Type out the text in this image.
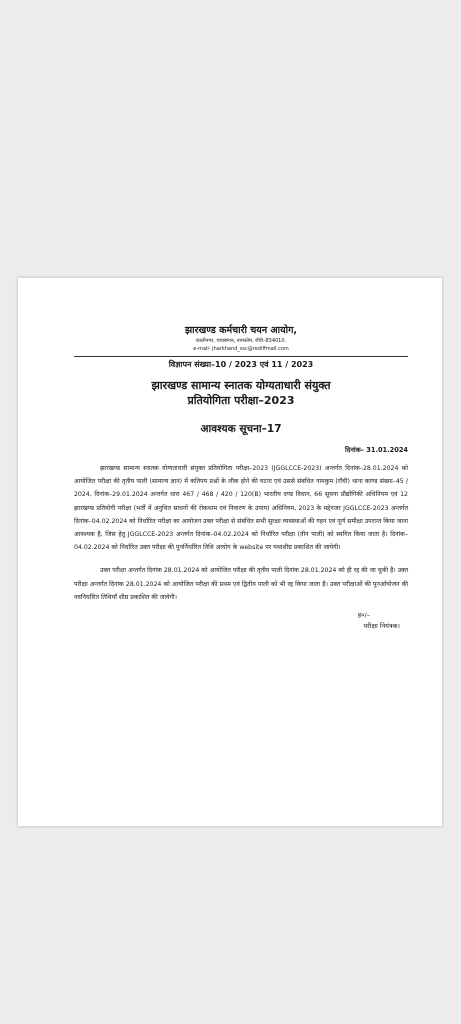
झारखण्ड कर्मचारी चयन आयोग,

कालीनगर, चायबगान, नामकोम, राँची–834010.

e-mail- jharkhand_ssc@rediffmail.com

विज्ञापन संख्या–10 / 2023 एवं 11 / 2023

झारखण्ड सामान्य स्नातक योग्यताधारी संयुक्त

प्रतियोगिता परीक्षा–2023

आवश्यक सूचना–17

दिनांक– 31.01.2024

झारखण्ड सामान्य स्नातक योग्यताधारी संयुक्त प्रतियोगिता परीक्षा–2023 (JGGLCCE-2023) अन्तर्गत दिनांक–28.01.2024 को आयोजित परीक्षा की तृतीय पाली (सामान्य ज्ञान) में कतिपय प्रश्नों के लीक होने की घटना एवं उससे संबंधित नामकुम (राँची) थाना काण्ड संख्या–45 / 2024, दिनांक–29.01.2024 अन्तर्गत धारा 467 / 468 / 420 / 120(B) भारतीय दण्ड विधान, 66 सूचना प्रौद्योगिकी अधिनियम एवं 12 झारखण्ड प्रतियोगी परीक्षा (भर्ती में अनुचित साधनों की रोकथाम एवं निवारण के उपाय) अधिनियम, 2023 के मद्देनजर JGGLCCE-2023 अन्तर्गत दिनांक–04.02.2024 को निर्धारित परीक्षा का आयोजन उक्त परीक्षा से संबंधित सभी सुरक्षा व्यवस्थाओं की गहन एवं पूर्ण समीक्षा उपरान्त किया जाना आवश्यक है, जिस हेतु JGGLCCE-2023 अन्तर्गत दिनांक–04.02.2024 को निर्धारित परीक्षा (तीन पाली) को स्थगित किया जाता है। दिनांक–04.02.2024 को निर्धारित उक्त परीक्षा की पुनर्निर्धारित तिथि आयोग के website पर यथाशीघ्र प्रकाशित की जायेगी।

उक्त परीक्षा अन्तर्गत दिनांक 28.01.2024 को आयोजित परीक्षा की तृतीय पाली दिनांक 28.01.2024 को ही रद्द की जा चुकी है। उक्त परीक्षा अन्तर्गत दिनांक 28.01.2024 को आयोजित परीक्षा की प्रथम एवं द्वितीय पाली को भी रद्द किया जाता है। उक्त परीक्षाओं की पुनर्आयोजन की नवनिर्धारित तिथियाँ शीघ्र प्रकाशित की जायेगी।

ह०/–

परीक्षा नियंत्रक।
